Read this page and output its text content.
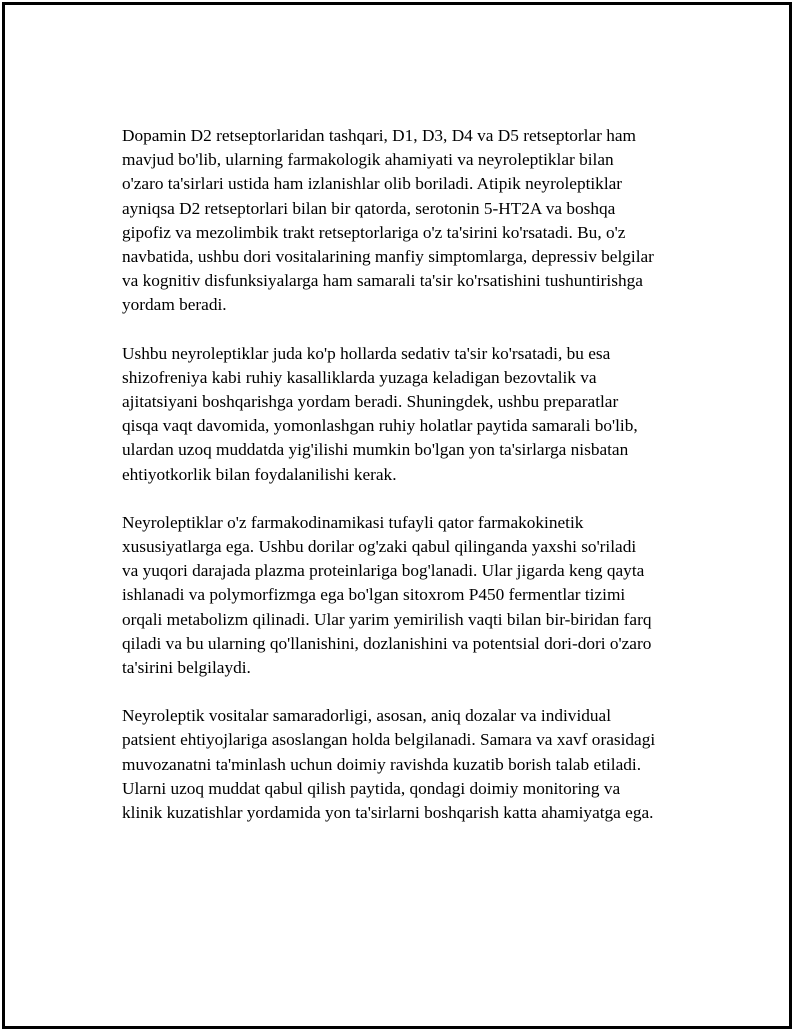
Dopamin D2 retseptorlaridan tashqari, D1, D3, D4 va D5 retseptorlar ham
mavjud bo'lib, ularning farmakologik ahamiyati va neyroleptiklar bilan
o'zaro ta'sirlari ustida ham izlanishlar olib boriladi. Atipik neyroleptiklar
ayniqsa D2 retseptorlari bilan bir qatorda, serotonin 5-HT2A va boshqa
gipofiz va mezolimbik trakt retseptorlariga o'z ta'sirini ko'rsatadi. Bu, o'z
navbatida, ushbu dori vositalarining manfiy simptomlarga, depressiv belgilar
va kognitiv disfunksiyalarga ham samarali ta'sir ko'rsatishini tushuntirishga
yordam beradi.

Ushbu neyroleptiklar juda ko'p hollarda sedativ ta'sir ko'rsatadi, bu esa
shizofreniya kabi ruhiy kasalliklarda yuzaga keladigan bezovtalik va
ajitatsiyani boshqarishga yordam beradi. Shuningdek, ushbu preparatlar
qisqa vaqt davomida, yomonlashgan ruhiy holatlar paytida samarali bo'lib,
ulardan uzoq muddatda yig'ilishi mumkin bo'lgan yon ta'sirlarga nisbatan
ehtiyotkorlik bilan foydalanilishi kerak.

Neyroleptiklar o'z farmakodinamikasi tufayli qator farmakokinetik
xususiyatlarga ega. Ushbu dorilar og'zaki qabul qilinganda yaxshi so'riladi
va yuqori darajada plazma proteinlariga bog'lanadi. Ular jigarda keng qayta
ishlanadi va polymorfizmga ega bo'lgan sitoxrom P450 fermentlar tizimi
orqali metabolizm qilinadi. Ular yarim yemirilish vaqti bilan bir-biridan farq
qiladi va bu ularning qo'llanishini, dozlanishini va potentsial dori-dori o'zaro
ta'sirini belgilaydi.

Neyroleptik vositalar samaradorligi, asosan, aniq dozalar va individual
patsient ehtiyojlariga asoslangan holda belgilanadi. Samara va xavf orasidagi
muvozanatni ta'minlash uchun doimiy ravishda kuzatib borish talab etiladi.
Ularni uzoq muddat qabul qilish paytida, qondagi doimiy monitoring va
klinik kuzatishlar yordamida yon ta'sirlarni boshqarish katta ahamiyatga ega.
